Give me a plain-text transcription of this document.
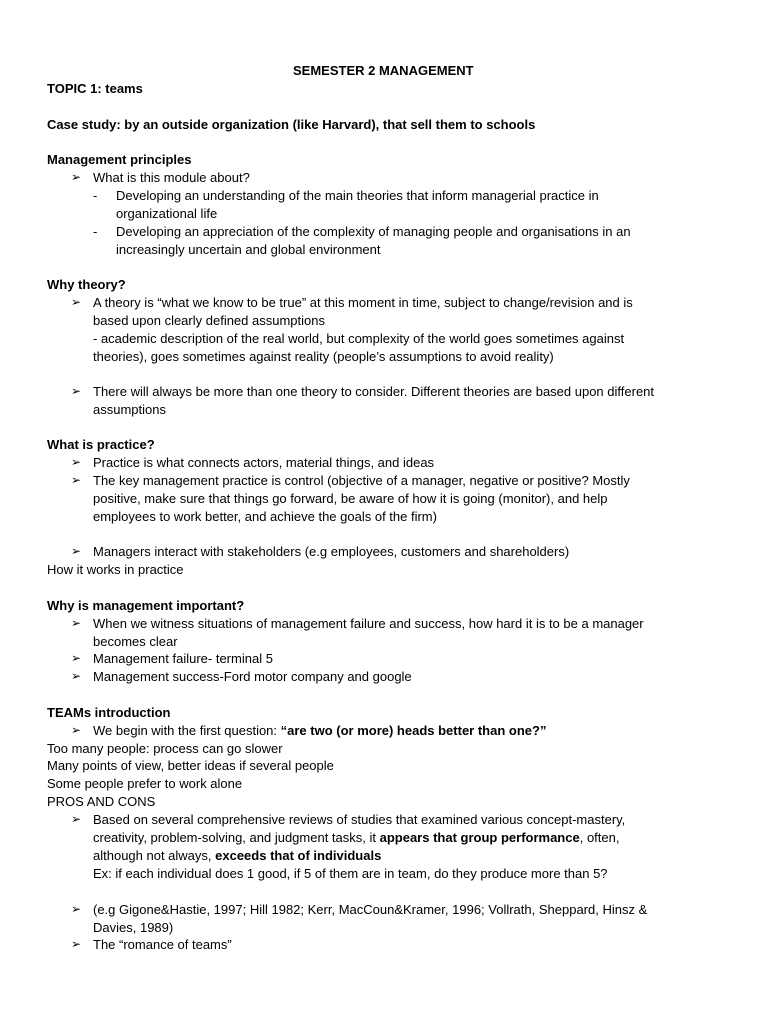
SEMESTER 2 MANAGEMENT
TOPIC 1: teams
Case study: by an outside organization (like Harvard), that sell them to schools
Management principles
➢ What is this module about?
- Developing an understanding of the main theories that inform managerial practice in
organizational life
- Developing an appreciation of the complexity of managing people and organisations in an
increasingly uncertain and global environment
Why theory?
➢ A theory is “what we know to be true” at this moment in time, subject to change/revision and is
based upon clearly defined assumptions
- academic description of the real world, but complexity of the world goes sometimes against
theories), goes sometimes against reality (people’s assumptions to avoid reality)
➢ There will always be more than one theory to consider. Different theories are based upon different
assumptions
What is practice?
➢ Practice is what connects actors, material things, and ideas
➢ The key management practice is control (objective of a manager, negative or positive? Mostly
positive, make sure that things go forward, be aware of how it is going (monitor), and help
employees to work better, and achieve the goals of the firm)
➢ Managers interact with stakeholders (e.g employees, customers and shareholders)
How it works in practice
Why is management important?
➢ When we witness situations of management failure and success, how hard it is to be a manager
becomes clear
➢ Management failure- terminal 5
➢ Management success-Ford motor company and google
TEAMs introduction
➢ We begin with the first question: “are two (or more) heads better than one?”
Too many people: process can go slower
Many points of view, better ideas if several people
Some people prefer to work alone
PROS AND CONS
➢ Based on several comprehensive reviews of studies that examined various concept-mastery,
creativity, problem-solving, and judgment tasks, it appears that group performance, often,
although not always, exceeds that of individuals
Ex: if each individual does 1 good, if 5 of them are in team, do they produce more than 5?
➢ (e.g Gigone&Hastie, 1997; Hill 1982; Kerr, MacCoun&Kramer, 1996; Vollrath, Sheppard, Hinsz &
Davies, 1989)
➢ The “romance of teams”
